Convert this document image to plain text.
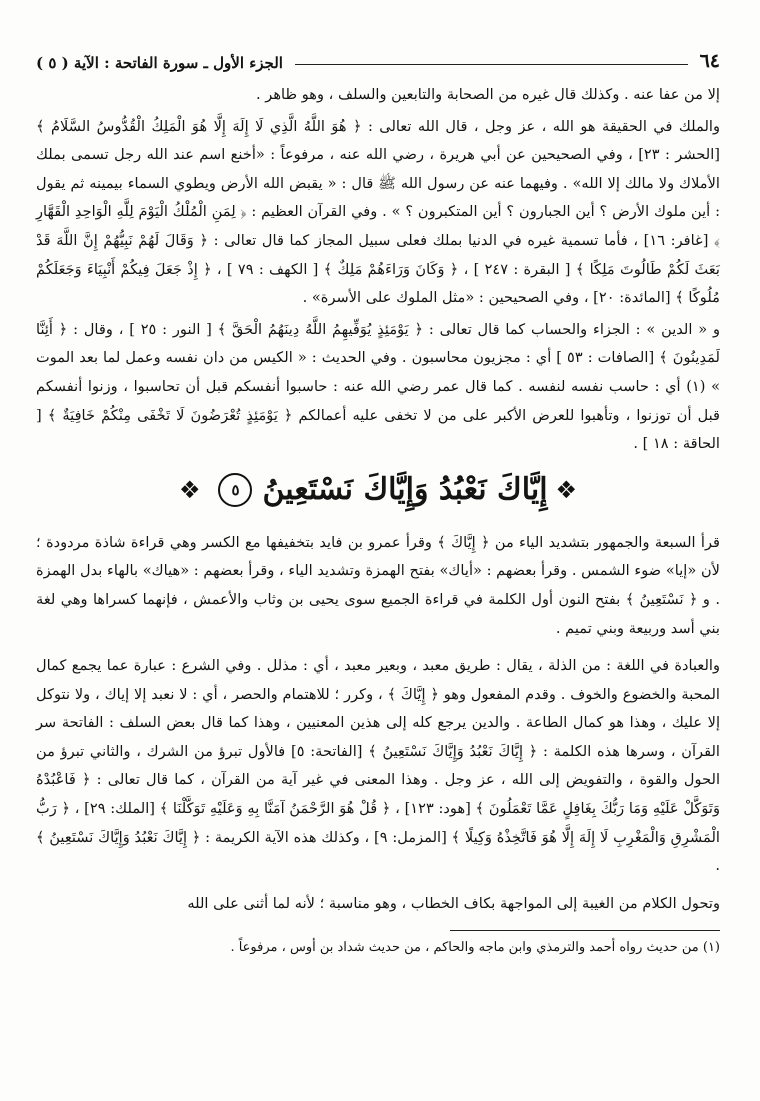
٦٤
الجزء الأول ـ سورة الفاتحة : الآية ( ٥ )

إلا من عفا عنه . وكذلك قال غيره من الصحابة والتابعين والسلف ، وهو ظاهر .

والملك في الحقيقة هو الله ، عز وجل ، قال الله تعالى : ﴿ هُوَ اللَّهُ الَّذِي لَا إِلَهَ إِلَّا هُوَ الْمَلِكُ الْقُدُّوسُ السَّلَامُ ﴾ [الحشر : ٢٣] ، وفي الصحيحين عن أبي هريرة ، رضي الله عنه ، مرفوعاً : «أخنع اسم عند الله رجل تسمى بملك الأملاك ولا مالك إلا الله» . وفيهما عنه عن رسول الله ﷺ قال : « يقبض الله الأرض ويطوي السماء بيمينه ثم يقول : أين ملوك الأرض ؟ أين الجبارون ؟ أين المتكبرون ؟ » . وفي القرآن العظيم : ﴿ لِمَنِ الْمُلْكُ الْيَوْمَ لِلَّهِ الْوَاحِدِ الْقَهَّارِ ﴾ [غافر: ١٦] ، فأما تسمية غيره في الدنيا بملك فعلى سبيل المجاز كما قال تعالى : ﴿ وَقَالَ لَهُمْ نَبِيُّهُمْ إِنَّ اللَّهَ قَدْ بَعَثَ لَكُمْ طَالُوتَ مَلِكًا ﴾ [ البقرة : ٢٤٧ ] ، ﴿ وَكَانَ وَرَاءَهُمْ مَلِكٌ ﴾ [ الكهف : ٧٩ ] ، ﴿ إِذْ جَعَلَ فِيكُمْ أَنْبِيَاءَ وَجَعَلَكُمْ مُلُوكًا ﴾ [المائدة: ٢٠] ، وفي الصحيحين : «مثل الملوك على الأسرة» .

و « الدين » : الجزاء والحساب كما قال تعالى : ﴿ يَوْمَئِذٍ يُوَفِّيهِمُ اللَّهُ دِينَهُمُ الْحَقَّ ﴾ [ النور : ٢٥ ] ، وقال : ﴿ أَئِنَّا لَمَدِينُونَ ﴾ [الصافات : ٥٣ ] أي : مجزيون محاسبون . وفي الحديث : « الكيس من دان نفسه وعمل لما بعد الموت » (١) أي : حاسب نفسه لنفسه . كما قال عمر رضي الله عنه : حاسبوا أنفسكم قبل أن تحاسبوا ، وزنوا أنفسكم قبل أن توزنوا ، وتأهبوا للعرض الأكبر على من لا تخفى عليه أعمالكم ﴿ يَوْمَئِذٍ تُعْرَضُونَ لَا تَخْفَى مِنْكُمْ خَافِيَةٌ ﴾ [ الحاقة : ١٨ ] .

❖
إِيَّاكَ نَعْبُدُ وَإِيَّاكَ نَسْتَعِينُ
٥
❖

قرأ السبعة والجمهور بتشديد الياء من ﴿ إِيَّاكَ ﴾ وقرأ عمرو بن فايد بتخفيفها مع الكسر وهي قراءة شاذة مردودة ؛ لأن «إيا» ضوء الشمس . وقرأ بعضهم : «أياك» بفتح الهمزة وتشديد الياء ، وقرأ بعضهم : «هياك» بالهاء بدل الهمزة . و ﴿ نَسْتَعِينُ ﴾ بفتح النون أول الكلمة في قراءة الجميع سوى يحيى بن وثاب والأعمش ، فإنهما كسراها وهي لغة بني أسد وربيعة وبني تميم .

والعبادة في اللغة : من الذلة ، يقال : طريق معبد ، وبعير معبد ، أي : مذلل . وفي الشرع : عبارة عما يجمع كمال المحبة والخضوع والخوف . وقدم المفعول وهو ﴿ إِيَّاكَ ﴾ ، وكرر ؛ للاهتمام والحصر ، أي : لا نعبد إلا إياك ، ولا نتوكل إلا عليك ، وهذا هو كمال الطاعة . والدين يرجع كله إلى هذين المعنيين ، وهذا كما قال بعض السلف : الفاتحة سر القرآن ، وسرها هذه الكلمة : ﴿ إِيَّاكَ نَعْبُدُ وَإِيَّاكَ نَسْتَعِينُ ﴾ [الفاتحة: ٥] فالأول تبرؤ من الشرك ، والثاني تبرؤ من الحول والقوة ، والتفويض إلى الله ، عز وجل . وهذا المعنى في غير آية من القرآن ، كما قال تعالى : ﴿ فَاعْبُدْهُ وَتَوَكَّلْ عَلَيْهِ وَمَا رَبُّكَ بِغَافِلٍ عَمَّا تَعْمَلُونَ ﴾ [هود: ١٢٣] ، ﴿ قُلْ هُوَ الرَّحْمَنُ آمَنَّا بِهِ وَعَلَيْهِ تَوَكَّلْنَا ﴾ [الملك: ٢٩] ، ﴿ رَبُّ الْمَشْرِقِ وَالْمَغْرِبِ لَا إِلَهَ إِلَّا هُوَ فَاتَّخِذْهُ وَكِيلًا ﴾ [المزمل: ٩] ، وكذلك هذه الآية الكريمة : ﴿ إِيَّاكَ نَعْبُدُ وَإِيَّاكَ نَسْتَعِينُ ﴾ .

وتحول الكلام من الغيبة إلى المواجهة بكاف الخطاب ، وهو مناسبة ؛ لأنه لما أثنى على الله

(١) من حديث رواه أحمد والترمذي وابن ماجه والحاكم ، من حديث شداد بن أوس ، مرفوعاً .
